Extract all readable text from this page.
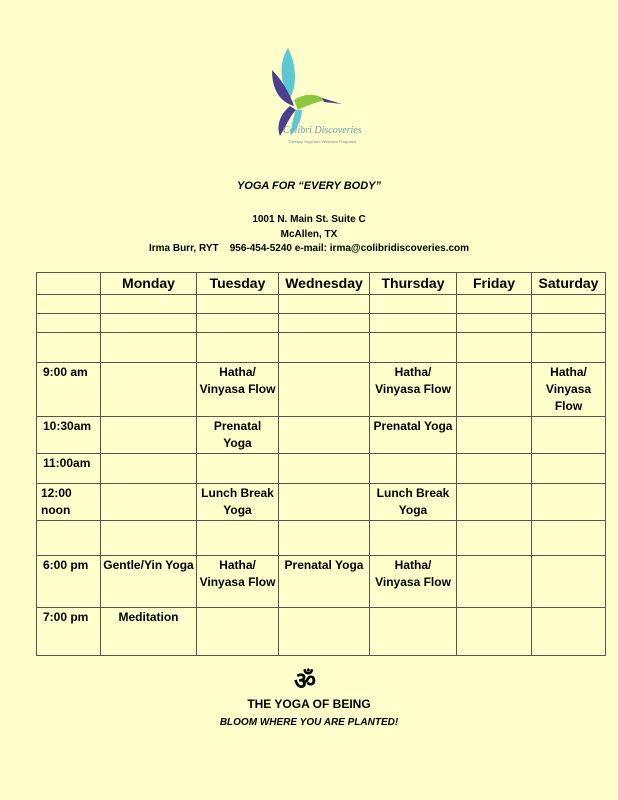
Colibri Discoveries
Therapy Yoga and Wellness Programs
YOGA FOR “EVERY BODY”
1001 N. Main St. Suite C
McAllen, TX
Irma Burr, RYT    956-454-5240 e-mail: irma@colibridiscoveries.com
	Monday	Tuesday	Wednesday	Thursday	Friday	Saturday

9:00 am		Hatha/ Vinyasa Flow		Hatha/ Vinyasa Flow		Hatha/ Vinyasa Flow
10:30am		Prenatal Yoga		Prenatal Yoga		
11:00am						
12:00 noon		Lunch Break Yoga		Lunch Break Yoga		

6:00 pm	Gentle/Yin Yoga	Hatha/ Vinyasa Flow	Prenatal Yoga	Hatha/ Vinyasa Flow		
7:00 pm	Meditation					
ॐ
THE YOGA OF BEING
BLOOM WHERE YOU ARE PLANTED!
